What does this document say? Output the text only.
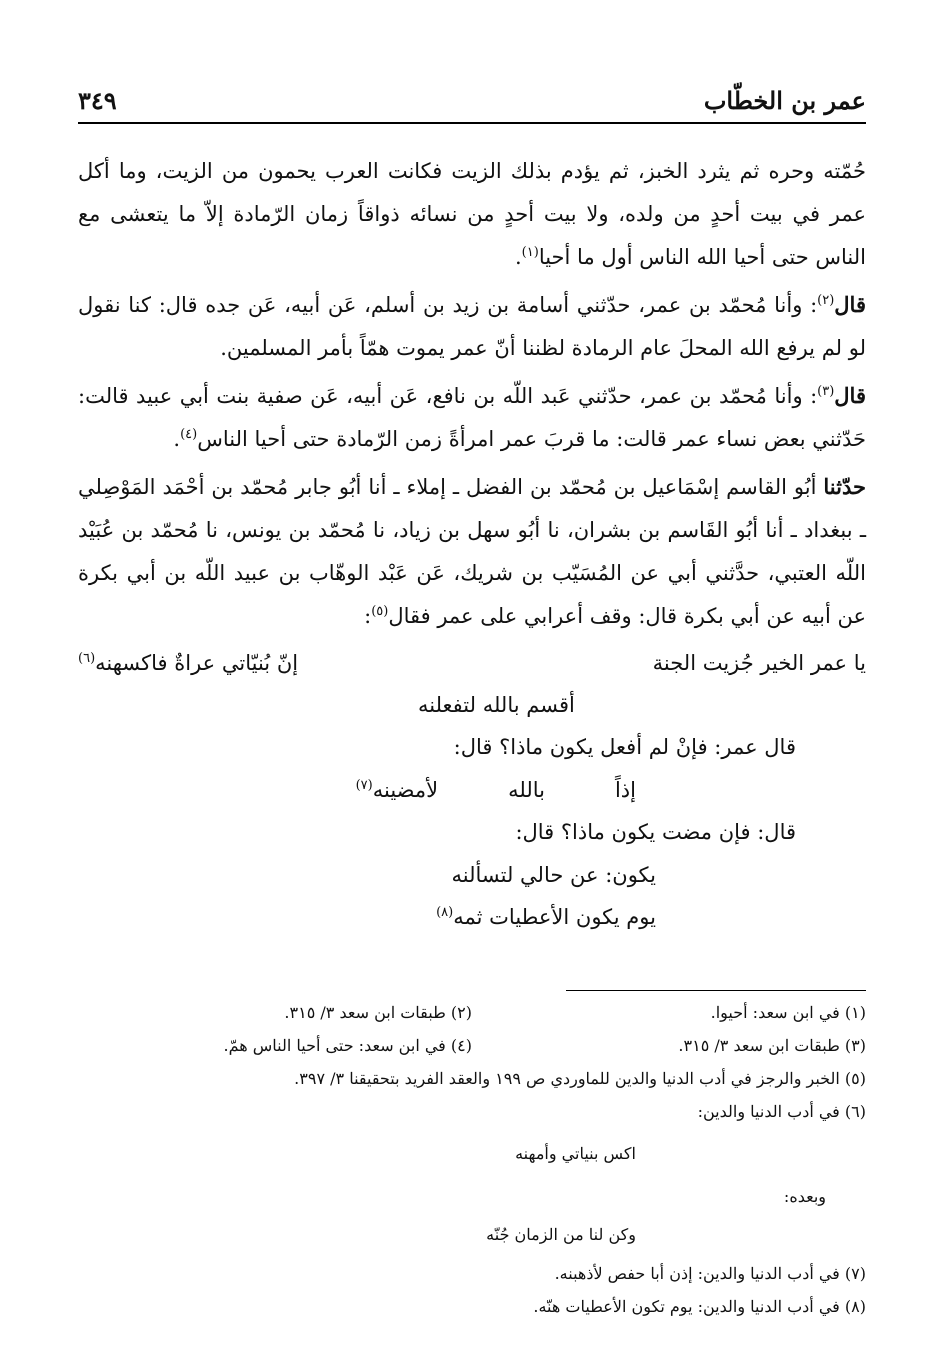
عمر بن الخطّاب
٣٤٩

حُمّته وحره ثم يثرد الخبز، ثم يؤدم بذلك الزيت فكانت العرب يحمون من الزيت، وما أكل عمر في بيت أحدٍ من ولده، ولا بيت أحدٍ من نسائه ذواقاً زمان الرّمادة إلاّ ما يتعشى مع الناس حتى أحيا الله الناس أول ما أحيا$^{(١)}$.

قال$^{(٢)}$: وأنا مُحمّد بن عمر، حدّثني أسامة بن زيد بن أسلم، عَن أبيه، عَن جده قال: كنا نقول لو لم يرفع الله المحلَ عام الرمادة لظننا أنّ عمر يموت همّاً بأمر المسلمين.

قال$^{(٣)}$: وأنا مُحمّد بن عمر، حدّثني عَبد اللّه بن نافع، عَن أبيه، عَن صفية بنت أبي عبيد قالت: حَدّثني بعض نساء عمر قالت: ما قربَ عمر امرأةً زمن الرّمادة حتى أحيا الناس$^{(٤)}$.

حدّثنا أبُو القاسم إسْمَاعيل بن مُحمّد بن الفضل ـ إملاء ـ أنا أبُو جابر مُحمّد بن أحْمَد المَوْصِلي ـ ببغداد ـ أنا أبُو القَاسم بن بشران، نا أبُو سهل بن زياد، نا مُحمّد بن يونس، نا مُحمّد بن عُبَيْد اللّه العتبي، حدَّثني أبي عن المُسَيّب بن شريك، عَن عَبْد الوهّاب بن عبيد اللّه بن أبي بكرة عن أبيه عن أبي بكرة قال: وقف أعرابي على عمر فقال$^{(٥)}$:

يا عمر الخير جُزيت الجنة
إنّ بُنيّاتي عراةٌ فاكسهنه$^{(٦)}$
أقسم بالله لتفعلنه

قال عمر: فإنْ لم أفعل يكون ماذا؟ قال:

إذاً
بالله
لأمضينه$^{(٧)}$

قال: فإن مضت يكون ماذا؟ قال:

يكون: عن حالي لتسألنه
يوم يكون الأعطيات ثمه$^{(٨)}$
(١) في ابن سعد: أحيوا.
(٢) طبقات ابن سعد ٣/ ٣١٥.
(٣) طبقات ابن سعد ٣/ ٣١٥.
(٤) في ابن سعد: حتى أحيا الناس همّ.
(٥) الخبر والرجز في أدب الدنيا والدين للماوردي ص ١٩٩ والعقد الفريد بتحقيقنا ٣/ ٣٩٧.
(٦) في أدب الدنيا والدين:
اكس بنياتي وأمهنه
وبعده:
وكن لنا من الزمان جُنّه
(٧) في أدب الدنيا والدين: إذن أبا حفص لأذهبنه.
(٨) في أدب الدنيا والدين: يوم تكون الأعطيات هنّه.
